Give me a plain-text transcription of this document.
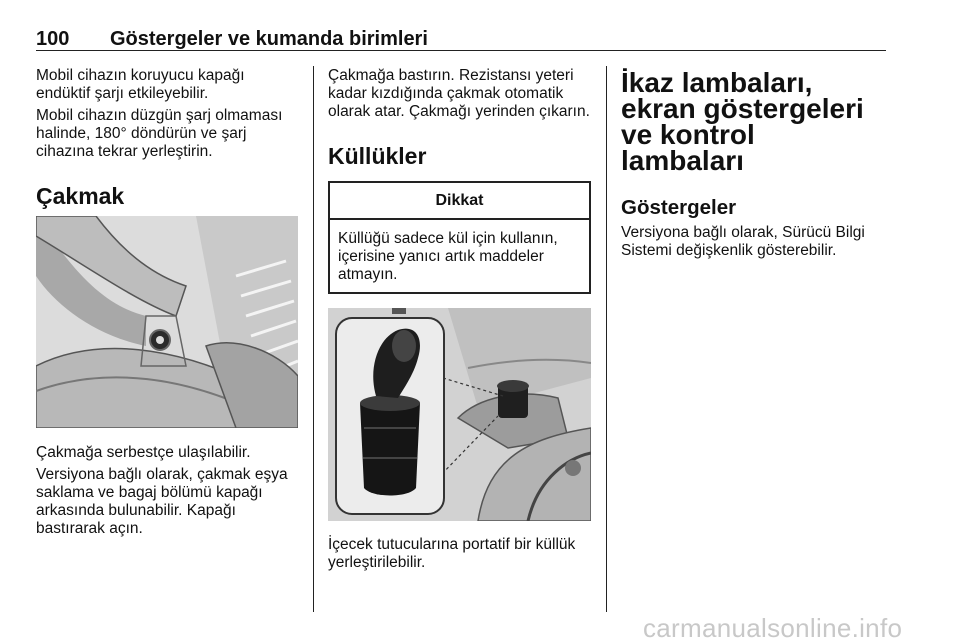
100 Göstergeler ve kumanda birimleri

Mobil cihazın koruyucu kapağı endüktif şarjı etkileyebilir.

Mobil cihazın düzgün şarj olmaması halinde, 180° döndürün ve şarj cihazına tekrar yerleştirin.

Çakmak

Çakmağa serbestçe ulaşılabilir.

Versiyona bağlı olarak, çakmak eşya saklama ve bagaj bölümü kapağı arkasında bulunabilir. Kapağı bastırarak açın.

Çakmağa bastırın. Rezistansı yeteri kadar kızdığında çakmak otomatik olarak atar. Çakmağı yerinden çıkarın.

Küllükler

Dikkat
Küllüğü sadece kül için kullanın, içerisine yanıcı artık maddeler atmayın.

İçecek tutucularına portatif bir küllük yerleştirilebilir.

İkaz lambaları, ekran göstergeleri ve kontrol lambaları

Göstergeler

Versiyona bağlı olarak, Sürücü Bilgi Sistemi değişkenlik gösterebilir.

carmanualsonline.info
